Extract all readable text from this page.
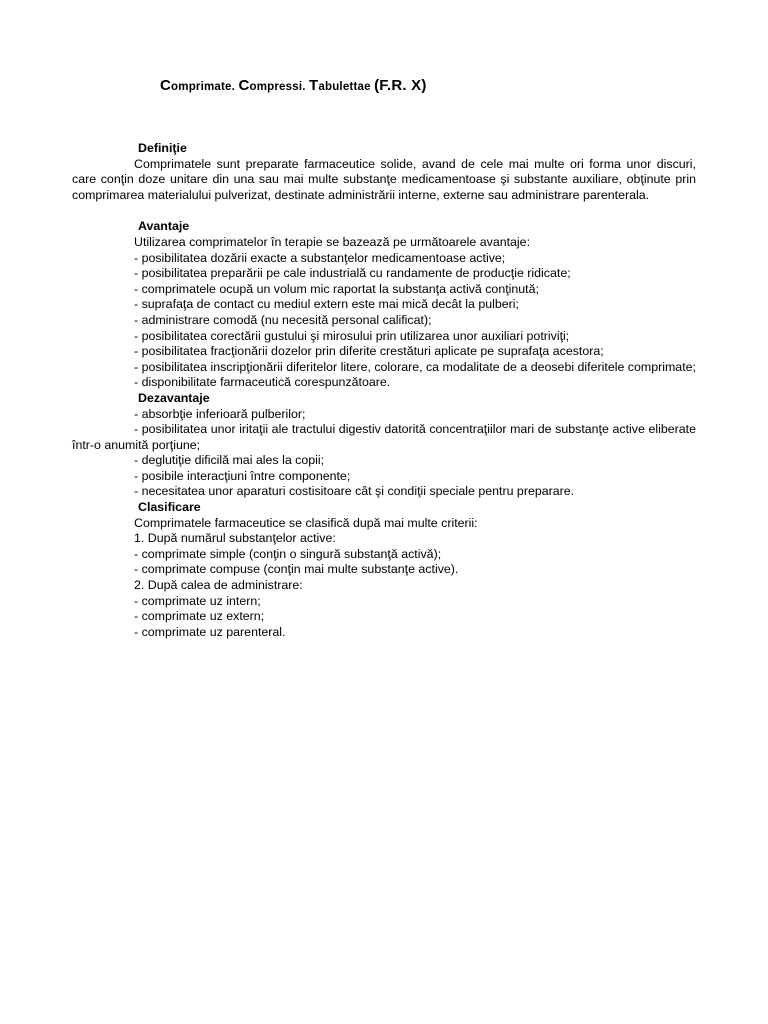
Comprimate. Compressi. Tabulettae (F.R. X)
Definiţie
Comprimatele sunt preparate farmaceutice solide, avand de cele mai multe ori forma unor discuri, care conţin doze unitare din una sau mai multe substanţe medicamentoase şi substante auxiliare, obţinute prin comprimarea materialului pulverizat, destinate administrării interne, externe sau administrare parenterala.
Avantaje
Utilizarea comprimatelor în terapie se bazează pe următoarele avantaje:
- posibilitatea dozării exacte a substanţelor medicamentoase active;
- posibilitatea preparării pe cale industrială cu randamente de producţie ridicate;
- comprimatele ocupă un volum mic raportat la substanţa activă conţinută;
- suprafaţa de contact cu mediul extern este mai mică decât la pulberi;
- administrare comodă (nu necesită personal calificat);
- posibilitatea corectării gustului şi mirosului prin utilizarea unor auxiliari potriviţi;
- posibilitatea fracţionării dozelor prin diferite crestături aplicate pe suprafaţa acestora;
- posibilitatea inscripţionării diferitelor litere, colorare, ca modalitate de a deosebi diferitele comprimate;
- disponibilitate farmaceutică corespunzătoare.
Dezavantaje
- absorbţie inferioară pulberilor;
- posibilitatea unor iritaţii ale tractului digestiv datorită concentraţiilor mari de substanţe active eliberate într-o anumită porţiune;
- deglutiţie dificilă mai ales la copii;
- posibile interacţiuni între componente;
- necesitatea unor aparaturi costisitoare cât şi condiţii speciale pentru preparare.
Clasificare
Comprimatele farmaceutice se clasifică după mai multe criterii:
1. După numărul substanţelor active:
- comprimate simple (conţin o singură substanţă activă);
- comprimate compuse (conţin mai multe substanţe active).
2. După calea de administrare:
- comprimate uz intern;
- comprimate uz extern;
- comprimate uz parenteral.
